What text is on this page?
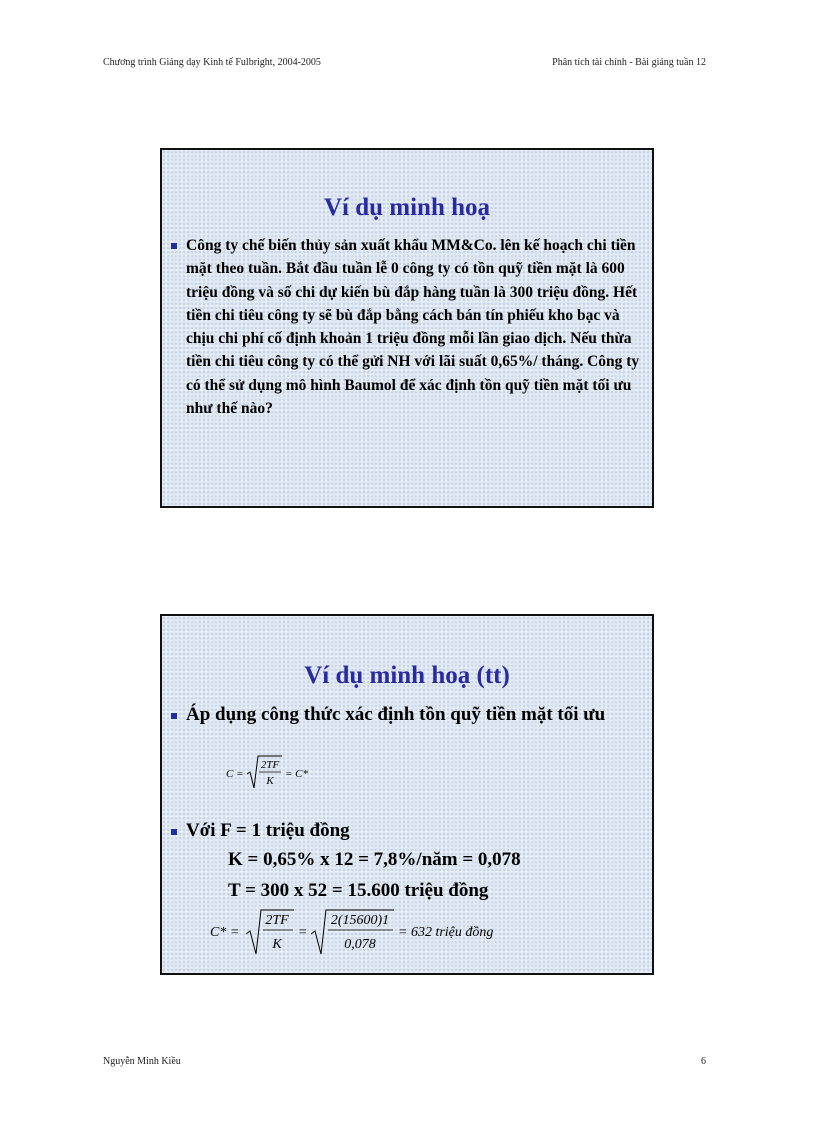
Chương trình Giảng dạy Kinh tế Fulbright, 2004-2005	Phân tích tài chính - Bài giảng tuần 12
Ví dụ minh hoạ
Công ty chế biến thủy sản xuất khẩu MM&Co. lên kế hoạch chi tiền mặt theo tuần. Bắt đầu tuần lễ 0 công ty có tồn quỹ tiền mặt là 600 triệu đồng và số chi dự kiến bù đắp hàng tuần là 300 triệu đồng. Hết tiền chi tiêu công ty sẽ bù đắp bằng cách bán tín phiếu kho bạc và chịu chi phí cố định khoản 1 triệu đồng mỗi lần giao dịch. Nếu thừa tiền chi tiêu công ty có thể gửi NH với lãi suất 0,65%/ tháng. Công ty có thể sử dụng mô hình Baumol để xác định tồn quỹ tiền mặt tối ưu như thế nào?
Ví dụ minh hoạ (tt)
Áp dụng công thức xác định tồn quỹ tiền mặt tối ưu
C =
2TF
K
= C*
Với F = 1 triệu đồng
K = 0,65% x 12 = 7,8%/năm = 0,078
T = 300 x 52 = 15.600 triệu đồng
C* =
2TF
K
=
2(15600)1
0,078
= 632 triệu đồng
Nguyễn Minh Kiều	6
